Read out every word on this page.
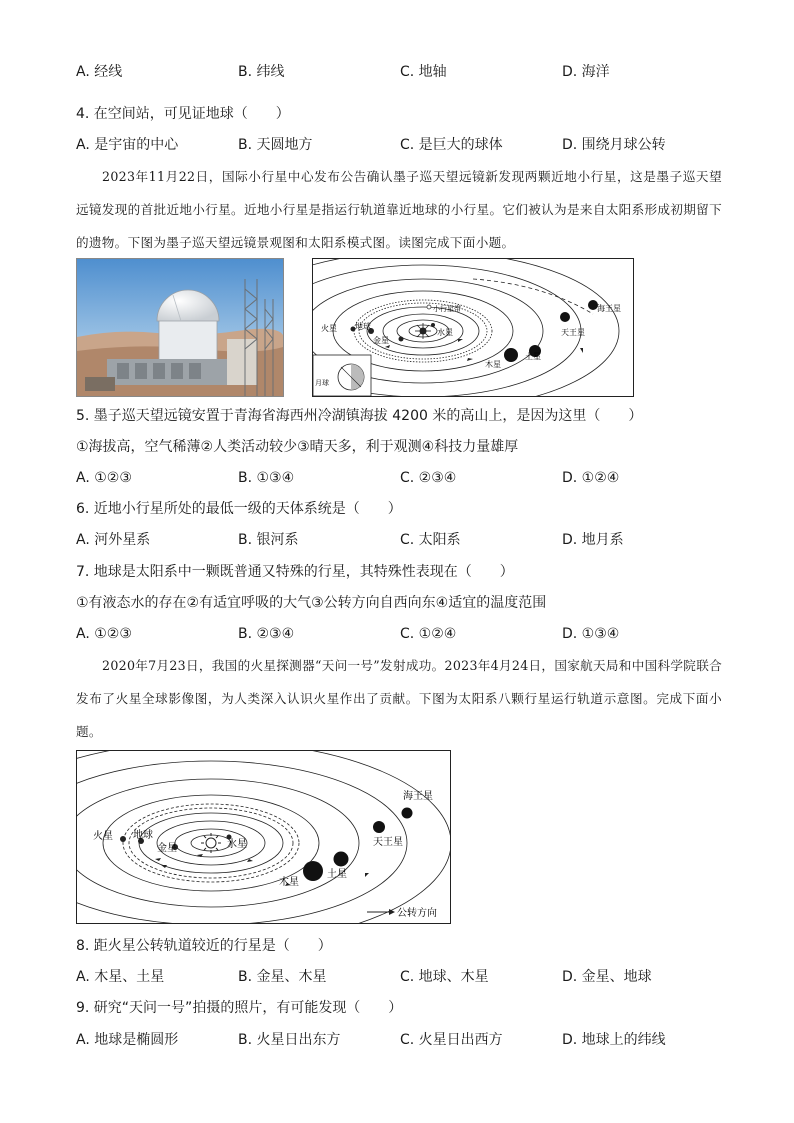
A. 经线	B. 纬线	C. 地轴	D. 海洋
4. 在空间站，可见证地球（　　）
A. 是宇宙的中心	B. 天圆地方	C. 是巨大的球体	D. 围绕月球公转
2023年11月22日，国际小行星中心发布公告确认墨子巡天望远镜新发现两颗近地小行星，这是墨子巡天望远镜发现的首批近地小行星。近地小行星是指运行轨道靠近地球的小行星。它们被认为是来自太阳系形成初期留下的遗物。下图为墨子巡天望远镜景观图和太阳系模式图。读图完成下面小题。
海王星
天王星
土星
木星
火星 地球
金星
水星
小行星带
月球
5. 墨子巡天望远镜安置于青海省海西州冷湖镇海拔 4200 米的高山上，是因为这里（　　）
①海拔高，空气稀薄②人类活动较少③晴天多，利于观测④科技力量雄厚
A. ①②③	B. ①③④	C. ②③④	D. ①②④
6. 近地小行星所处的最低一级的天体系统是（　　）
A. 河外星系	B. 银河系	C. 太阳系	D. 地月系
7. 地球是太阳系中一颗既普通又特殊的行星，其特殊性表现在（　　）
①有液态水的存在②有适宜呼吸的大气③公转方向自西向东④适宜的温度范围
A. ①②③	B. ②③④	C. ①②④	D. ①③④
2020年7月23日，我国的火星探测器“天问一号”发射成功。2023年4月24日，国家航天局和中国科学院联合发布了火星全球影像图，为人类深入认识火星作出了贡献。下图为太阳系八颗行星运行轨道示意图。完成下面小题。
海王星
天王星
土星
木星
火星 地球
金星	水星
公转方向
8. 距火星公转轨道较近的行星是（　　）
A. 木星、土星	B. 金星、木星	C. 地球、木星	D. 金星、地球
9. 研究“天问一号”拍摄的照片，有可能发现（　　）
A. 地球是椭圆形	B. 火星日出东方	C. 火星日出西方	D. 地球上的纬线
